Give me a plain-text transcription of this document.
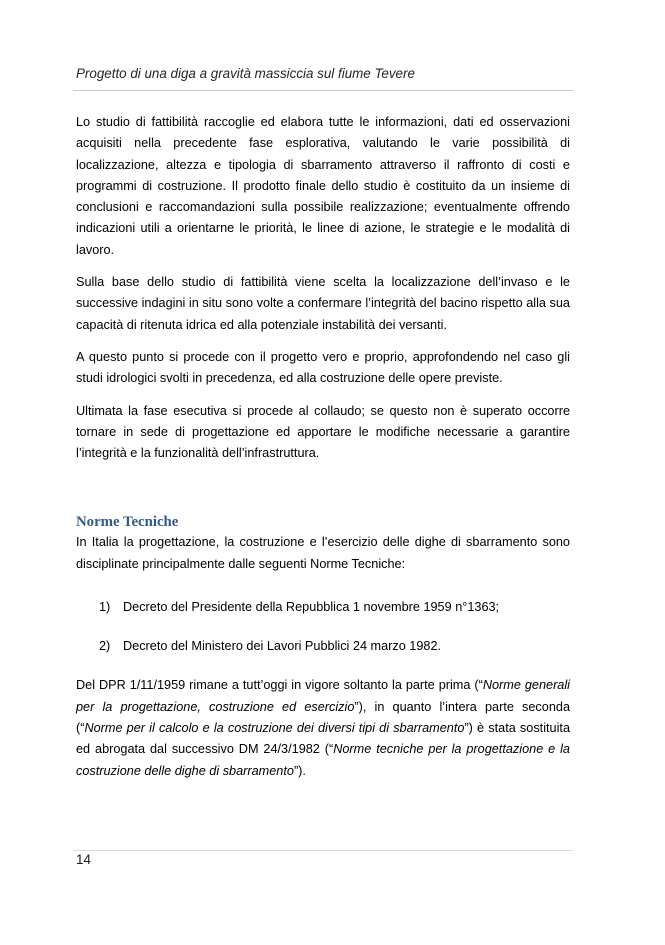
Progetto di una diga a gravità massiccia sul fiume Tevere

Lo studio di fattibilità raccoglie ed elabora tutte le informazioni, dati ed osservazioni acquisiti nella precedente fase esplorativa, valutando le varie possibilità di localizzazione, altezza e tipologia di sbarramento attraverso il raffronto di costi e programmi di costruzione. Il prodotto finale dello studio è costituito da un insieme di conclusioni e raccomandazioni sulla possibile realizzazione; eventualmente offrendo indicazioni utili a orientarne le priorità, le linee di azione, le strategie e le modalità di lavoro.

Sulla base dello studio di fattibilità viene scelta la localizzazione dell’invaso e le successive indagini in situ sono volte a confermare l’integrità del bacino rispetto alla sua capacità di ritenuta idrica ed alla potenziale instabilità dei versanti.

A questo punto si procede con il progetto vero e proprio, approfondendo nel caso gli studi idrologici svolti in precedenza, ed alla costruzione delle opere previste.

Ultimata la fase esecutiva si procede al collaudo; se questo non è superato occorre tornare in sede di progettazione ed apportare le modifiche necessarie a garantire l’integrità e la funzionalità dell’infrastruttura.

Norme Tecniche

In Italia la progettazione, la costruzione e l’esercizio delle dighe di sbarramento sono disciplinate principalmente dalle seguenti Norme Tecniche:

1) Decreto del Presidente della Repubblica 1 novembre 1959 n°1363;
2) Decreto del Ministero dei Lavori Pubblici 24 marzo 1982.

Del DPR 1/11/1959 rimane a tutt’oggi in vigore soltanto la parte prima (“Norme generali per la progettazione, costruzione ed esercizio”), in quanto l’intera parte seconda (“Norme per il calcolo e la costruzione dei diversi tipi di sbarramento”) è stata sostituita ed abrogata dal successivo DM 24/3/1982 (“Norme tecniche per la progettazione e la costruzione delle dighe di sbarramento”).

14
